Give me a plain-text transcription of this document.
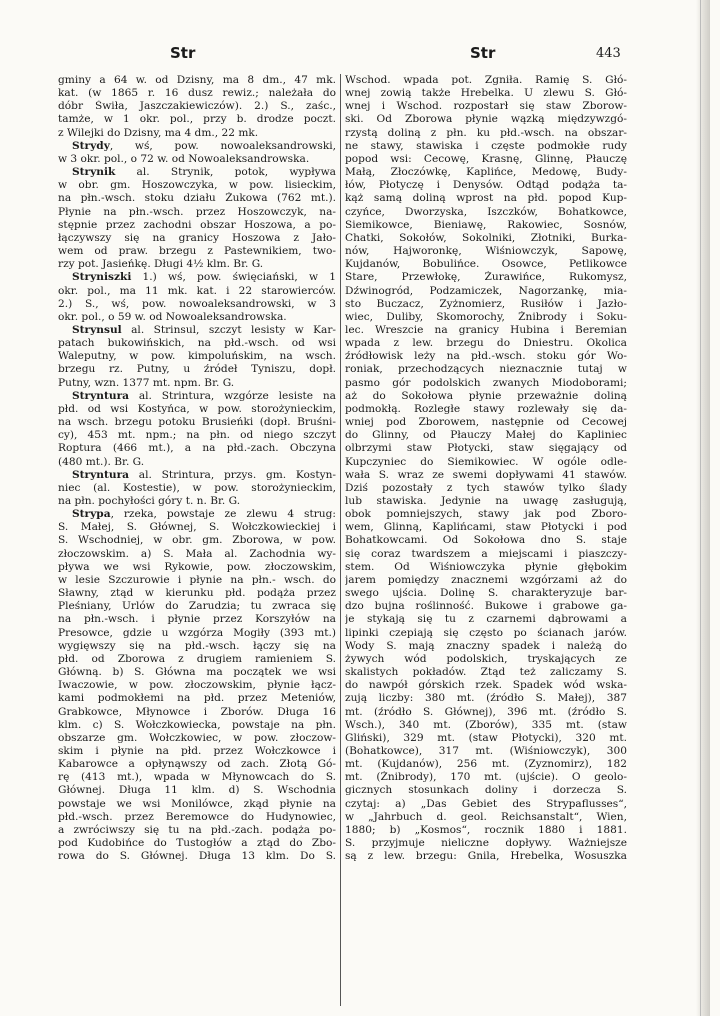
Str	Str	443
gminy a 64 w. od Dzisny, ma 8 dm., 47 mk.
kat. (w 1865 r. 16 dusz rewiz.; należała do
dóbr Świła, Jaszczakiewiczów). 2.) S., zaśc.,
tamże, w 1 okr. pol., przy b. drodze poczt.
z Wilejki do Dzisny, ma 4 dm., 22 mk.
Strydy, wś, pow. nowoaleksandrowski,
w 3 okr. pol., o 72 w. od Nowoaleksandrowska.
Strynik al. Strynik, potok, wypływa
w obr. gm. Hoszowczyka, w pow. lisieckim,
na płn.-wsch. stoku działu Żukowa (762 mt.).
Płynie na płn.-wsch. przez Hoszowczyk, na-
stępnie przez zachodni obszar Hoszowa, a po-
łączywszy się na granicy Hoszowa z Jało-
wem od praw. brzegu z Pastewnikiem, two-
rzy pot. Jasieńkę. Długi 4½ klm. Br. G.
Stryniszki 1.) wś, pow. święciański, w 1
okr. pol., ma 11 mk. kat. i 22 starowierców.
2.) S., wś, pow. nowoaleksandrowski, w 3
okr. pol., o 59 w. od Nowoaleksandrowska.
Strynsul al. Strinsul, szczyt lesisty w Kar-
patach bukowińskich, na płd.-wsch. od wsi
Waleputny, w pow. kimpoluńskim, na wsch.
brzegu rz. Putny, u źródeł Tyniszu, dopł.
Putny, wzn. 1377 mt. npm. Br. G.
Stryntura al. Strintura, wzgórze lesiste na
płd. od wsi Kostyńca, w pow. storożynieckim,
na wsch. brzegu potoku Brusieńki (dopł. Bruśni-
cy), 453 mt. npm.; na płn. od niego szczyt
Roptura (466 mt.), a na płd.-zach. Obczyna
(480 mt.). Br. G.
Stryntura al. Strintura, przys. gm. Kostyn-
niec (al. Kostestie), w pow. storożynieckim,
na płn. pochyłości góry t. n. Br. G.
Strypa, rzeka, powstaje ze zlewu 4 strug:
S. Małej, S. Głównej, S. Wołczkowieckiej i
S. Wschodniej, w obr. gm. Zborowa, w pow.
złoczowskim. a) S. Mała al. Zachodnia wy-
pływa we wsi Rykowie, pow. złoczowskim,
w lesie Szczurowie i płynie na płn.- wsch. do
Sławny, ztąd w kierunku płd. podąża przez
Pleśniany, Urlów do Zarudzia; tu zwraca się
na płn.-wsch. i płynie przez Korszyłów na
Presowce, gdzie u wzgórza Mogiły (393 mt.)
wygięwszy się na płd.-wsch. łączy się na
płd. od Zborowa z drugiem ramieniem S.
Główną. b) S. Główna ma początek we wsi
Iwaczowie, w pow. złoczowskim, płynie łącz-
kami podmokłemi na płd. przez Meteniów,
Grabkowce, Młynowce i Zborów. Długa 16
klm. c) S. Wołczkowiecka, powstaje na płn.
obszarze gm. Wołczkowiec, w pow. złoczow-
skim i płynie na płd. przez Wołczkowce i
Kabarowce a opłynąwszy od zach. Złotą Gó-
rę (413 mt.), wpada w Młynowcach do S.
Głównej. Długa 11 klm. d) S. Wschodnia
powstaje we wsi Monilówce, zkąd płynie na
płd.-wsch. przez Beremowce do Hudynowiec,
a zwróciwszy się tu na płd.-zach. podąża po-
pod Kudobińce do Tustogłów a ztąd do Zbo-
rowa do S. Głównej. Długa 13 klm. Do S.
Wschod. wpada pot. Zgniła. Ramię S. Głó-
wnej zowią także Hrebelka. U zlewu S. Głó-
wnej i Wschod. rozpostarł się staw Zborow-
ski. Od Zborowa płynie wązką międzywzgó-
rzystą doliną z płn. ku płd.-wsch. na obszar-
ne stawy, stawiska i częste podmokłe rudy
popod wsi: Cecowę, Krasnę, Glinnę, Płauczę
Małą, Złoczówkę, Kaplińce, Medowę, Budy-
łów, Płotyczę i Denysów. Odtąd podąża ta-
kąż samą doliną wprost na płd. popod Kup-
czyńce, Dworzyska, Iszczków, Bohatkowce,
Siemikowce, Bieniawę, Rakowiec, Sosnów,
Chatki, Sokołów, Sokolniki, Złotniki, Burka-
nów, Hajworonkę, Wiśniowczyk, Sapowę,
Kujdanów, Bobulińce. Osowce, Petlikowce
Stare, Przewłokę, Żurawińce, Rukomysz,
Dźwinogród, Podzamiczek, Nagorzankę, mia-
sto Buczacz, Zyżnomierz, Rusiłów i Jazło-
wiec, Duliby, Skomorochy, Żnibrody i Soku-
lec. Wreszcie na granicy Hubina i Beremian
wpada z lew. brzegu do Dniestru. Okolica
źródłowisk leży na płd.-wsch. stoku gór Wo-
roniak, przechodzących nieznacznie tutaj w
pasmo gór podolskich zwanych Miodoborami;
aż do Sokołowa płynie przeważnie doliną
podmokłą. Rozległe stawy rozlewały się da-
wniej pod Zborowem, następnie od Cecowej
do Glinny, od Płauczy Małej do Kapliniec
olbrzymi staw Płotycki, staw sięgający od
Kupczyniec do Siemikowiec. W ogóle odle-
wała S. wraz ze swemi dopływami 41 stawów.
Dziś pozostały z tych stawów tylko ślady
lub stawiska. Jedynie na uwagę zasługują,
obok pomniejszych, stawy jak pod Zboro-
wem, Glinną, Kaplińcami, staw Płotycki i pod
Bohatkowcami. Od Sokołowa dno S. staje
się coraz twardszem a miejscami i piaszczy-
stem. Od Wiśniowczyka płynie głębokim
jarem pomiędzy znacznemi wzgórzami aż do
swego ujścia. Dolinę S. charakteryzuje bar-
dzo bujna roślinność. Bukowe i grabowe ga-
je stykają się tu z czarnemi dąbrowami a
lipinki czepiają się często po ścianach jarów.
Wody S. mają znaczny spadek i należą do
żywych wód podolskich, tryskających ze
skalistych pokładów. Ztąd też zaliczamy S.
do nawpół górskich rzek. Spadek wód wska-
zują liczby: 380 mt. (źródło S. Małej), 387
mt. (źródło S. Głównej), 396 mt. (źródło S.
Wsch.), 340 mt. (Zborów), 335 mt. (staw
Gliński), 329 mt. (staw Płotycki), 320 mt.
(Bohatkowce), 317 mt. (Wiśniowczyk), 300
mt. (Kujdanów), 256 mt. (Zyznomirz), 182
mt. (Żnibrody), 170 mt. (ujście). O geolo-
gicznych stosunkach doliny i dorzecza S.
czytaj: a) „Das Gebiet des Strypaflusses“,
w „Jahrbuch d. geol. Reichsanstalt“, Wien,
1880; b) „Kosmos“, rocznik 1880 i 1881.
S. przyjmuje nieliczne dopływy. Ważniejsze
są z lew. brzegu: Gnila, Hrebelka, Wosuszka
